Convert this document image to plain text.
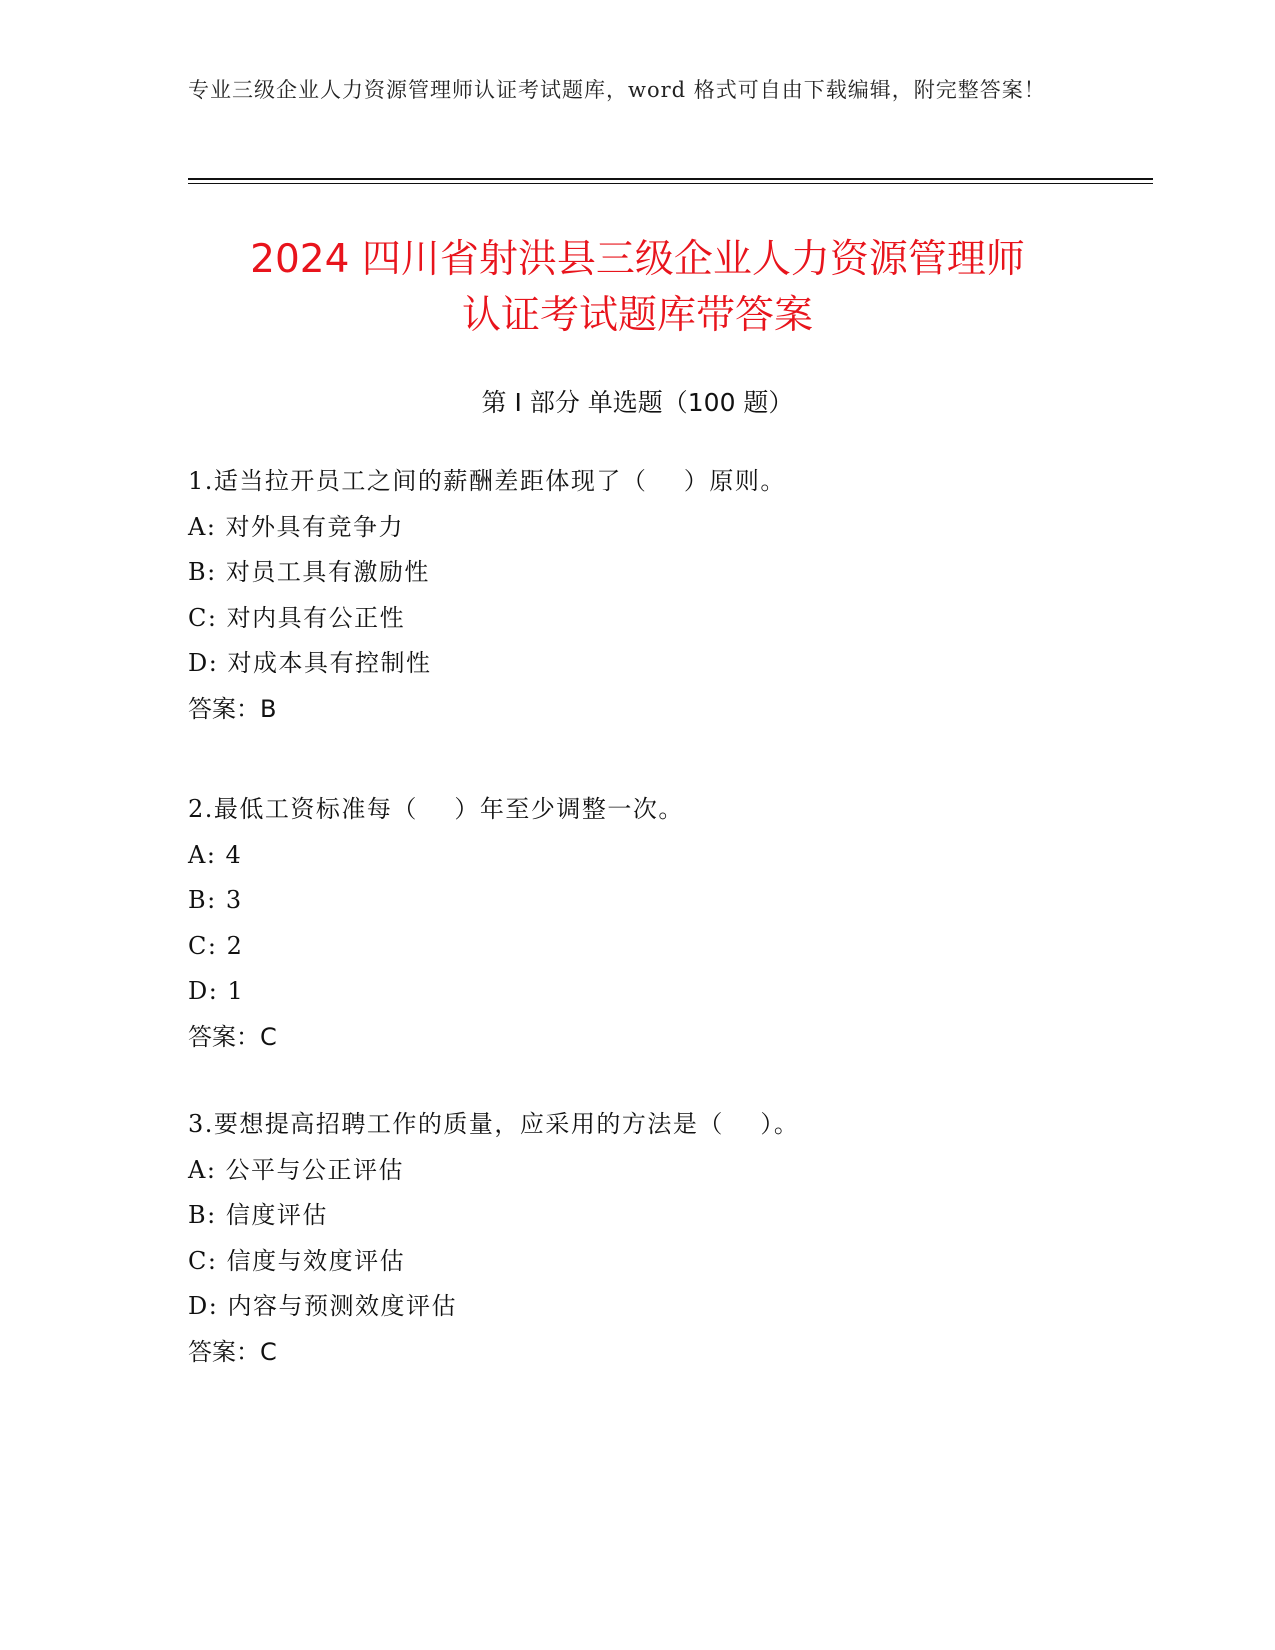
专业三级企业人力资源管理师认证考试题库，word 格式可自由下载编辑，附完整答案！
2024 四川省射洪县三级企业人力资源管理师
认证考试题库带答案
第 I 部分 单选题（100 题）
1.适当拉开员工之间的薪酬差距体现了（    ）原则。
A: 对外具有竞争力
B: 对员工具有激励性
C: 对内具有公正性
D: 对成本具有控制性
答案：B
2.最低工资标准每（    ）年至少调整一次。
A: 4
B: 3
C: 2
D: 1
答案：C
3.要想提高招聘工作的质量，应采用的方法是（    ）。
A: 公平与公正评估
B: 信度评估
C: 信度与效度评估
D: 内容与预测效度评估
答案：C
